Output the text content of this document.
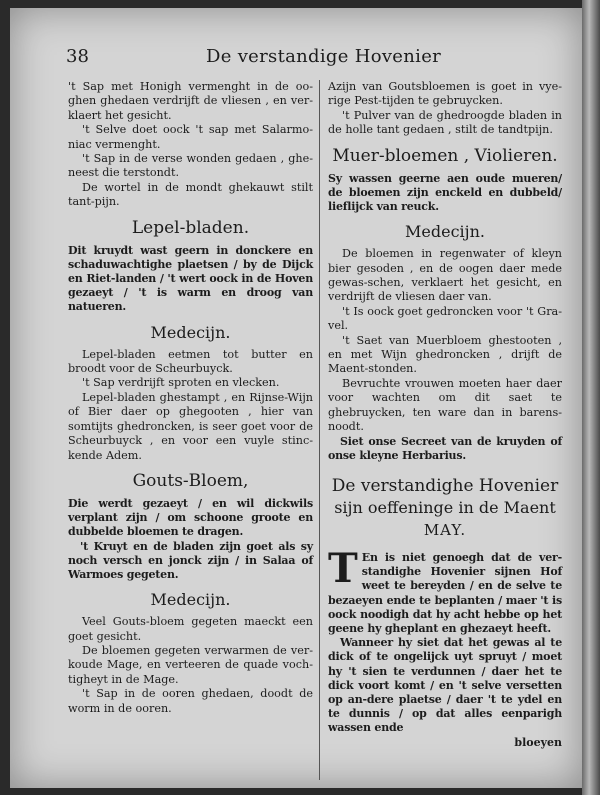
38	De verstandige Hovenier

't Sap met Honigh vermenght in de oo-ghen ghedaen verdrijft de vliesen , en ver-klaert het gesicht.

't Selve doet oock 't sap met Salarmo-niac vermenght.

't Sap in de verse wonden gedaen , ghe-neest die terstondt.

De wortel in de mondt ghekauwt stilt tant-pijn.

Lepel-bladen.

Dit kruydt wast geern in donckere en schaduwachtighe plaetsen / by de Dijck en Riet-landen / 't wert oock in de Hoven gezaeyt / 't is warm en droog van natueren.

Medecijn.

Lepel-bladen eetmen tot butter en broodt voor de Scheurbuyck.

't Sap verdrijft sproten en vlecken.

Lepel-bladen ghestampt , en Rijnse-Wijn of Bier daer op ghegooten , hier van somtijts ghedroncken, is seer goet voor de Scheurbuyck , en voor een vuyle stinc-kende Adem.

Gouts-Bloem,

Die werdt gezaeyt / en wil dickwils verplant zijn / om schoone groote en dubbelde bloemen te dragen.

't Kruyt en de bladen zijn goet als sy noch versch en jonck zijn / in Salaa of Warmoes gegeten.

Medecijn.

Veel Gouts-bloem gegeten maeckt een goet gesicht.

De bloemen gegeten verwarmen de ver-koude Mage, en verteeren de quade voch-tigheyt in de Mage.

't Sap in de ooren ghedaen, doodt de worm in de ooren.

Azijn van Goutsbloemen is goet in vye-rige Pest-tijden te gebruycken.

't Pulver van de ghedroogde bladen in de holle tant gedaen , stilt de tandtpijn.

Muer-bloemen , Violieren.

Sy wassen geerne aen oude mueren/ de bloemen zijn enckeld en dubbeld/ lieflijck van reuck.

Medecijn.

De bloemen in regenwater of kleyn bier gesoden , en de oogen daer mede gewas-schen, verklaert het gesicht, en verdrijft de vliesen daer van.

't Is oock goet gedroncken voor 't Gra-vel.

't Saet van Muerbloem ghestooten , en met Wijn ghedroncken , drijft de Maent-stonden.

Bevruchte vrouwen moeten haer daer voor wachten om dit saet te ghebruycken, ten ware dan in barens-noodt.

Siet onse Secreet van de kruyden of onse kleyne Herbarius.

De verstandighe Hovenier
sijn oeffeninge in de Maent
MAY.
T En is niet genoegh dat de ver-standighe Hovenier sijnen Hof weet te bereyden / en de selve te bezaeyen ende te beplanten / maer 't is oock noodigh dat hy acht hebbe op het geene hy gheplant en ghezaeyt heeft.

Wanneer hy siet dat het gewas al te dick of te ongelijck uyt spruyt / moet hy 't sien te verdunnen / daer het te dick voort komt / en 't selve versetten op an-dere plaetse / daer 't te ydel en te dunnis / op dat alles eenparigh wassen ende

bloeyen
